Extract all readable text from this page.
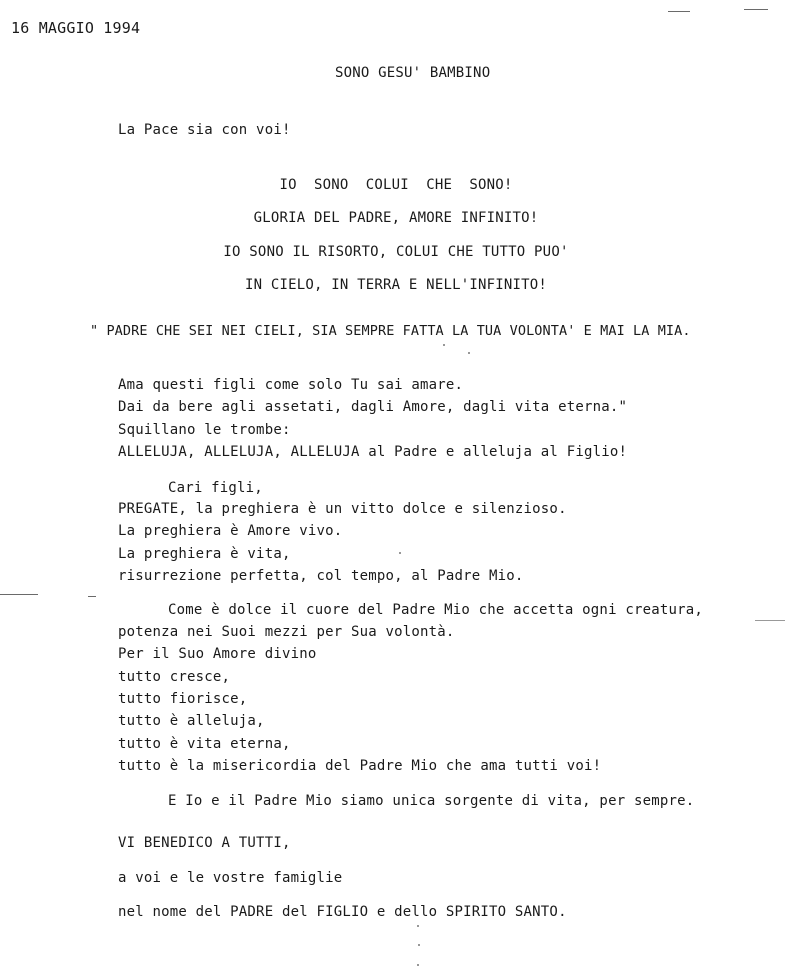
16 MAGGIO 1994
SONO GESU' BAMBINO
La Pace sia con voi!
IO  SONO  COLUI  CHE  SONO!
GLORIA DEL PADRE, AMORE INFINITO!
IO SONO IL RISORTO, COLUI CHE TUTTO PUO'
IN CIELO, IN TERRA E NELL'INFINITO!
" PADRE CHE SEI NEI CIELI, SIA SEMPRE FATTA LA TUA VOLONTA' E MAI LA MIA.
Ama questi figli come solo Tu sai amare.
Dai da bere agli assetati, dagli Amore, dagli vita eterna."
Squillano le trombe:
ALLELUJA, ALLELUJA, ALLELUJA al Padre e alleluja al Figlio!
Cari figli,
PREGATE, la preghiera è un vitto dolce e silenzioso.
La preghiera è Amore vivo.
La preghiera è vita,
risurrezione perfetta, col tempo, al Padre Mio.
Come è dolce il cuore del Padre Mio che accetta ogni creatura,
potenza nei Suoi mezzi per Sua volontà.
Per il Suo Amore divino
tutto cresce,
tutto fiorisce,
tutto è alleluja,
tutto è vita eterna,
tutto è la misericordia del Padre Mio che ama tutti voi!
E Io e il Padre Mio siamo unica sorgente di vita, per sempre.
VI BENEDICO A TUTTI,
a voi e le vostre famiglie
nel nome del PADRE del FIGLIO e dello SPIRITO SANTO.
